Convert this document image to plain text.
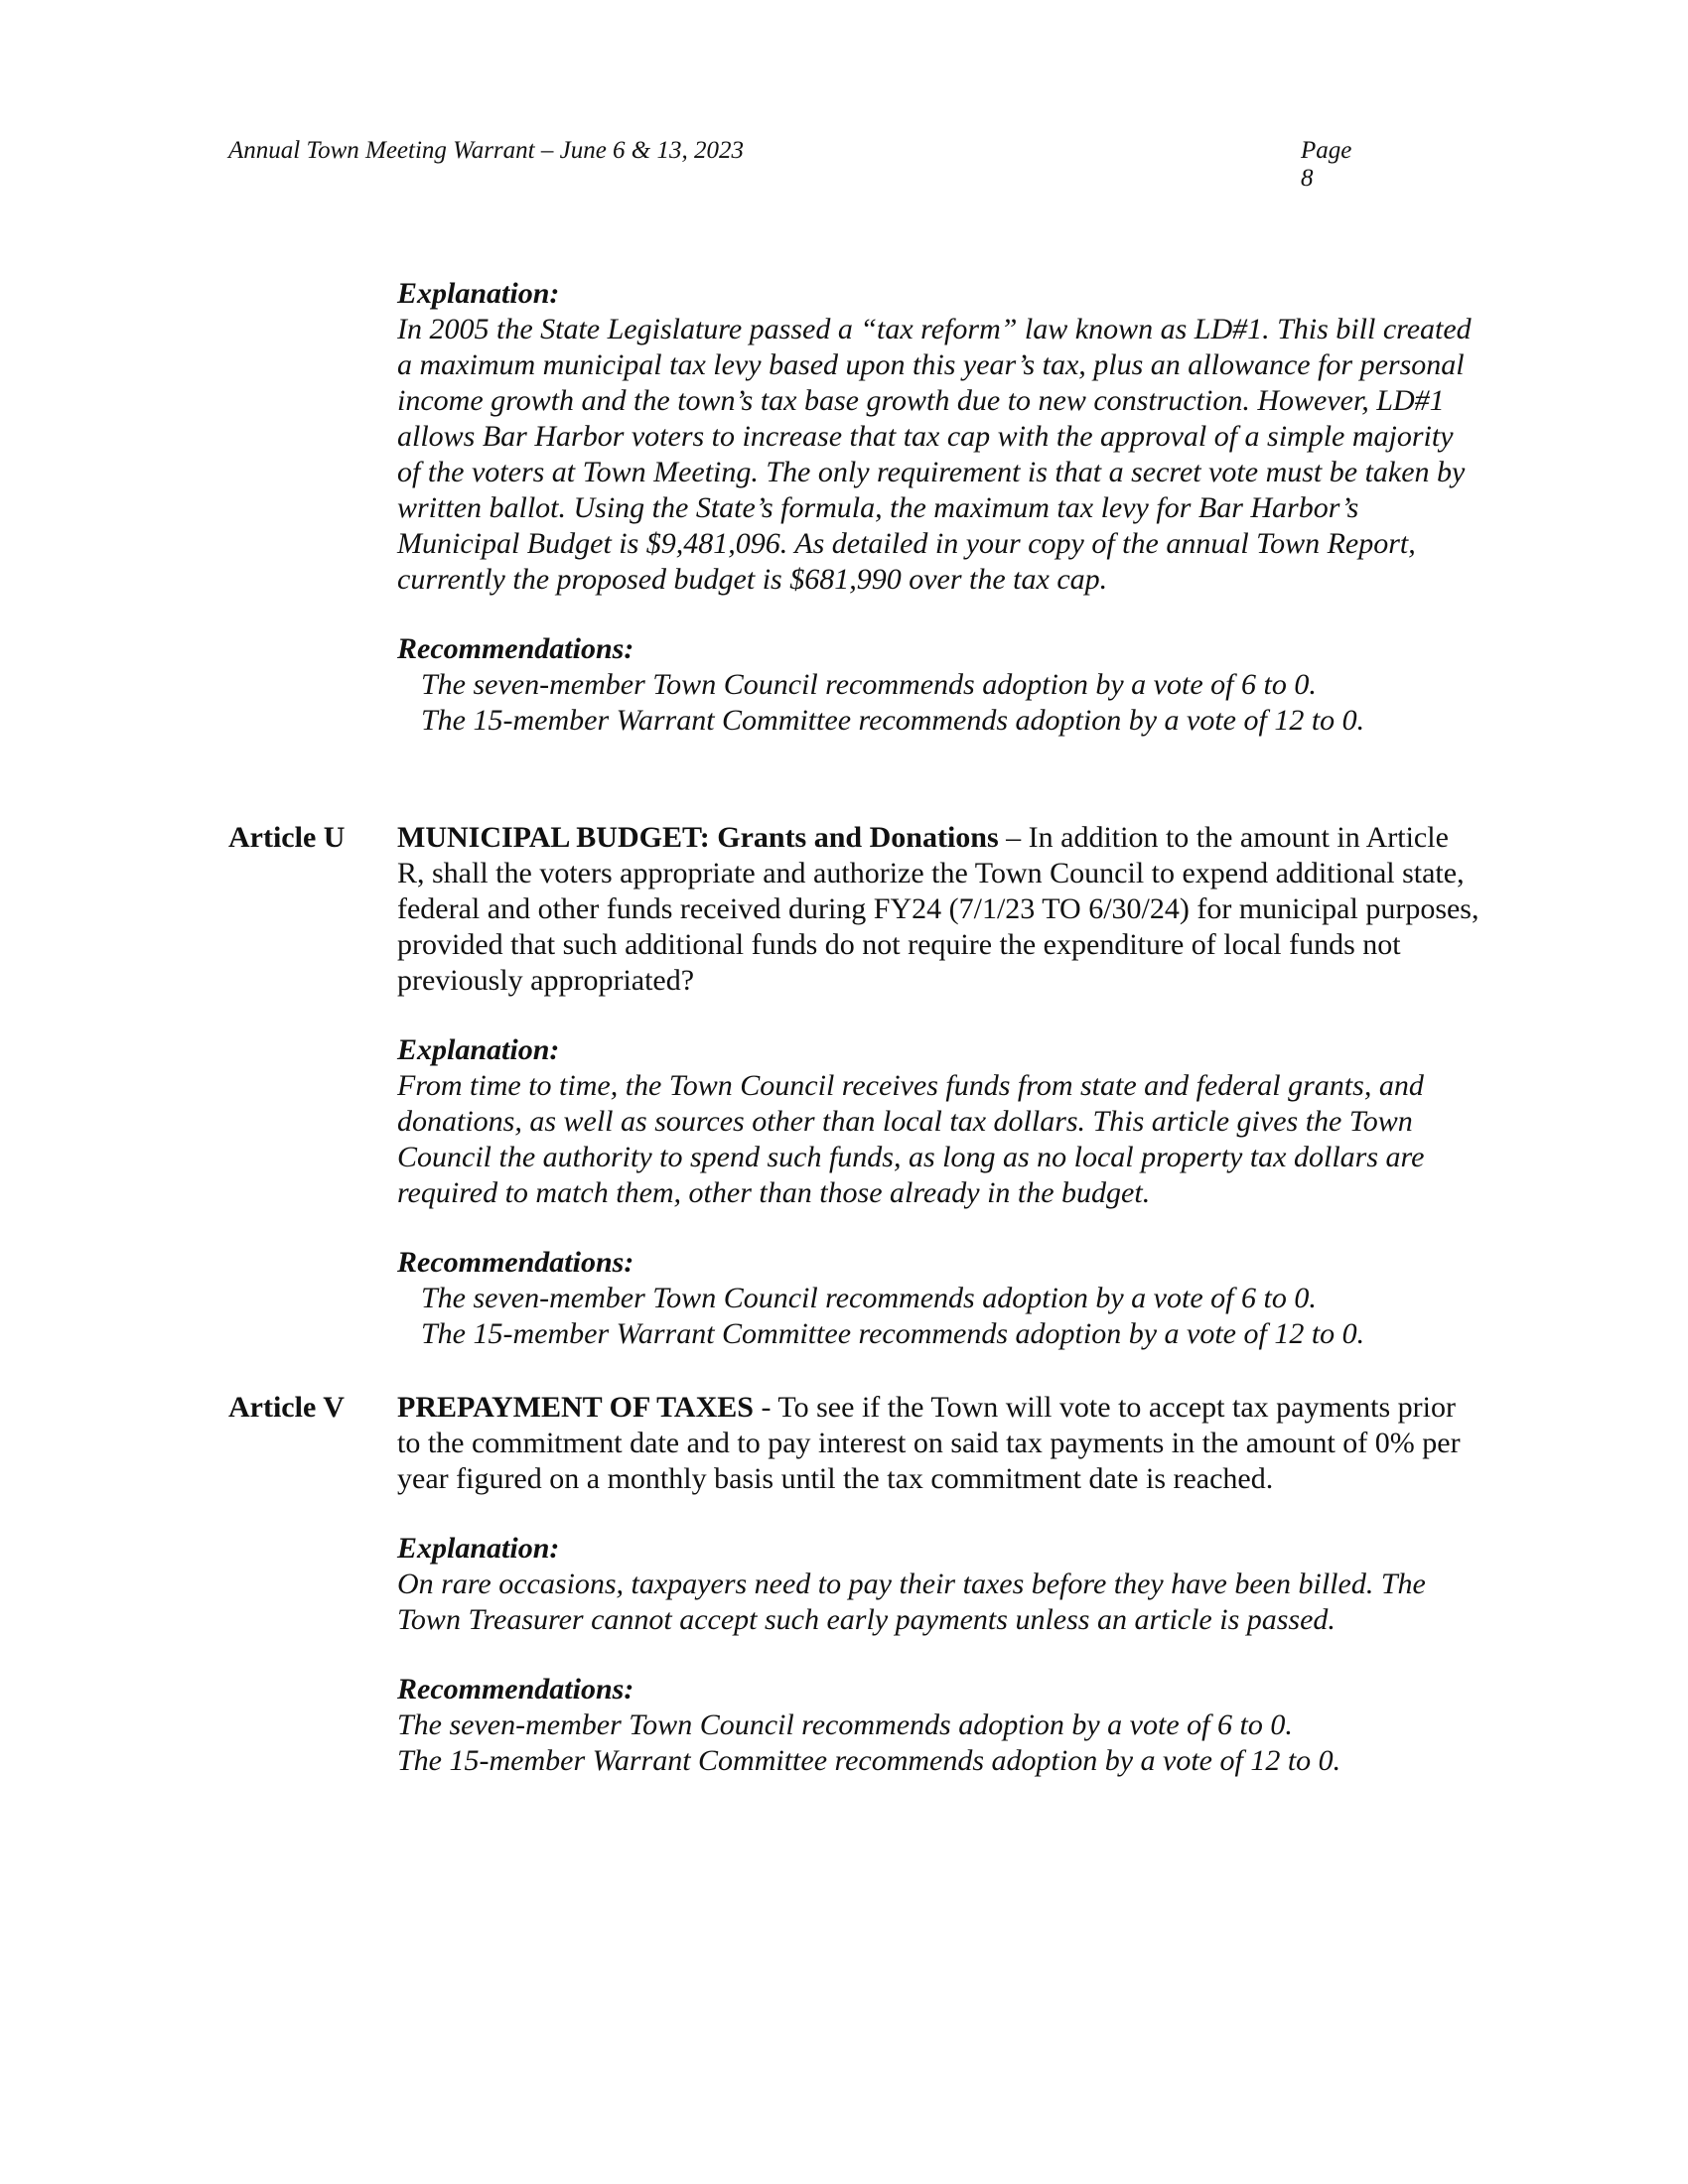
Annual Town Meeting Warrant – June 6 & 13, 2023	Page 8
Explanation:
In 2005 the State Legislature passed a “tax reform” law known as LD#1. This bill created a maximum municipal tax levy based upon this year’s tax, plus an allowance for personal income growth and the town’s tax base growth due to new construction. However, LD#1 allows Bar Harbor voters to increase that tax cap with the approval of a simple majority of the voters at Town Meeting. The only requirement is that a secret vote must be taken by written ballot. Using the State’s formula, the maximum tax levy for Bar Harbor’s Municipal Budget is $9,481,096. As detailed in your copy of the annual Town Report, currently the proposed budget is $681,990 over the tax cap.
Recommendations:
The seven-member Town Council recommends adoption by a vote of 6 to 0.
The 15-member Warrant Committee recommends adoption by a vote of 12 to 0.
Article U MUNICIPAL BUDGET: Grants and Donations – In addition to the amount in Article R, shall the voters appropriate and authorize the Town Council to expend additional state, federal and other funds received during FY24 (7/1/23 TO 6/30/24) for municipal purposes, provided that such additional funds do not require the expenditure of local funds not previously appropriated?
Explanation:
From time to time, the Town Council receives funds from state and federal grants, and donations, as well as sources other than local tax dollars. This article gives the Town Council the authority to spend such funds, as long as no local property tax dollars are required to match them, other than those already in the budget.
Recommendations:
The seven-member Town Council recommends adoption by a vote of 6 to 0.
The 15-member Warrant Committee recommends adoption by a vote of 12 to 0.
Article V PREPAYMENT OF TAXES - To see if the Town will vote to accept tax payments prior to the commitment date and to pay interest on said tax payments in the amount of 0% per year figured on a monthly basis until the tax commitment date is reached.
Explanation:
On rare occasions, taxpayers need to pay their taxes before they have been billed. The Town Treasurer cannot accept such early payments unless an article is passed.
Recommendations:
The seven-member Town Council recommends adoption by a vote of 6 to 0.
The 15-member Warrant Committee recommends adoption by a vote of 12 to 0.
